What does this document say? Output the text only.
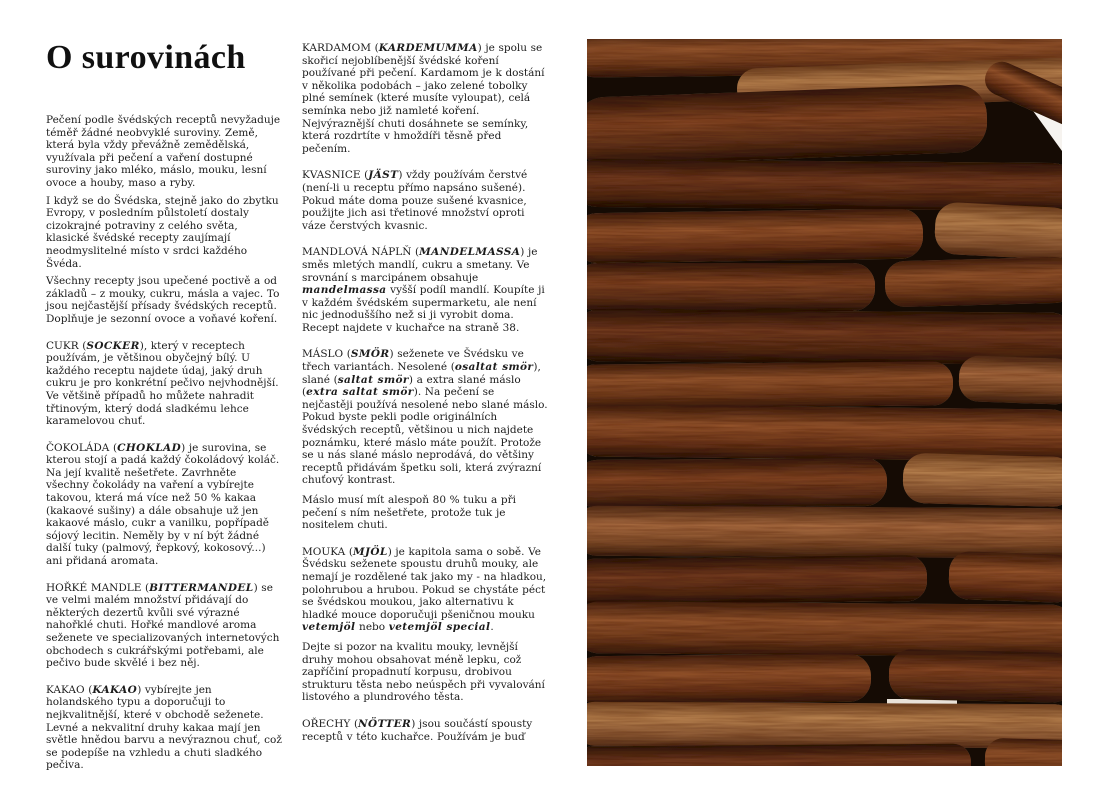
O surovinách

Pečení podle švédských receptů nevyžaduje téměř žádné neobvyklé suroviny. Země, která byla vždy převážně zemědělská, využívala při pečení a vaření dostupné suroviny jako mléko, máslo, mouku, lesní ovoce a houby, maso a ryby.

I když se do Švédska, stejně jako do zbytku Evropy, v posledním půlstoletí dostaly cizokrajné potraviny z celého světa, klasické švédské recepty zaujímají neodmyslitelné místo v srdci každého Švéda.

Všechny recepty jsou upečené poctivě a od základů – z mouky, cukru, másla a vajec. To jsou nejčastější přísady švédských receptů. Doplňuje je sezonní ovoce a voňavé koření.

CUKR (SOCKER), který v receptech používám, je většinou obyčejný bílý. U každého receptu najdete údaj, jaký druh cukru je pro konkrétní pečivo nejvhodnější. Ve většině případů ho můžete nahradit třtinovým, který dodá sladkému lehce karamelovou chuť.

ČOKOLÁDA (CHOKLAD) je surovina, se kterou stojí a padá každý čokoládový koláč. Na její kvalitě nešetřete. Zavrhněte všechny čokolády na vaření a vybírejte takovou, která má více než 50 % kakaa (kakaové sušiny) a dále obsahuje už jen kakaové máslo, cukr a vanilku, popřípadě sójový lecitin. Neměly by v ní být žádné další tuky (palmový, řepkový, kokosový...) ani přidaná aromata.

HOŘKÉ MANDLE (BITTERMANDEL) se ve velmi malém množství přidávají do některých dezertů kvůli své výrazné nahořklé chuti. Hořké mandlové aroma seženete ve specializovaných internetových obchodech s cukrářskými potřebami, ale pečivo bude skvělé i bez něj.

KAKAO (KAKAO) vybírejte jen holandského typu a doporučuji to nejkvalitnější, které v obchodě seženete. Levné a nekvalitní druhy kakaa mají jen světle hnědou barvu a nevýraznou chuť, což se podepíše na vzhledu a chuti sladkého pečiva.

KARDAMOM (KARDEMUMMA) je spolu se skořicí nejoblíbenější švédské koření používané při pečení. Kardamom je k dostání v několika podobách – jako zelené tobolky plné semínek (které musíte vyloupat), celá semínka nebo již namleté koření. Nejvýraznější chuti dosáhnete se semínky, která rozdrtíte v hmoždíři těsně před pečením.

KVASNICE (JÄST) vždy používám čerstvé (není-li u receptu přímo napsáno sušené). Pokud máte doma pouze sušené kvasnice, použijte jich asi třetinové množství oproti váze čerstvých kvasnic.

MANDLOVÁ NÁPLŇ (MANDELMASSA) je směs mletých mandlí, cukru a smetany. Ve srovnání s marcipánem obsahuje mandelmassa vyšší podíl mandlí. Koupíte ji v každém švédském supermarketu, ale není nic jednoduššího než si ji vyrobit doma. Recept najdete v kuchařce na straně 38.

MÁSLO (SMÖR) seženete ve Švédsku ve třech variantách. Nesolené (osaltat smör), slané (saltat smör) a extra slané máslo (extra saltat smör). Na pečení se nejčastěji používá nesolené nebo slané máslo. Pokud byste pekli podle originálních švédských receptů, většinou u nich najdete poznámku, které máslo máte použít. Protože se u nás slané máslo neprodává, do většiny receptů přidávám špetku soli, která zvýrazní chuťový kontrast.

Máslo musí mít alespoň 80 % tuku a při pečení s ním nešetřete, protože tuk je nositelem chuti.

MOUKA (MJÖL) je kapitola sama o sobě. Ve Švédsku seženete spoustu druhů mouky, ale nemají je rozdělené tak jako my - na hladkou, polohrubou a hrubou. Pokud se chystáte péct se švédskou moukou, jako alternativu k hladké mouce doporučuji pšeničnou mouku vetemjöl nebo vetemjöl special.

Dejte si pozor na kvalitu mouky, levnější druhy mohou obsahovat méně lepku, což zapříčiní propadnutí korpusu, drobivou strukturu těsta nebo neúspěch při vyvalování listového a plundrového těsta.

OŘECHY (NÖTTER) jsou součástí spousty receptů v této kuchařce. Používám je buď
